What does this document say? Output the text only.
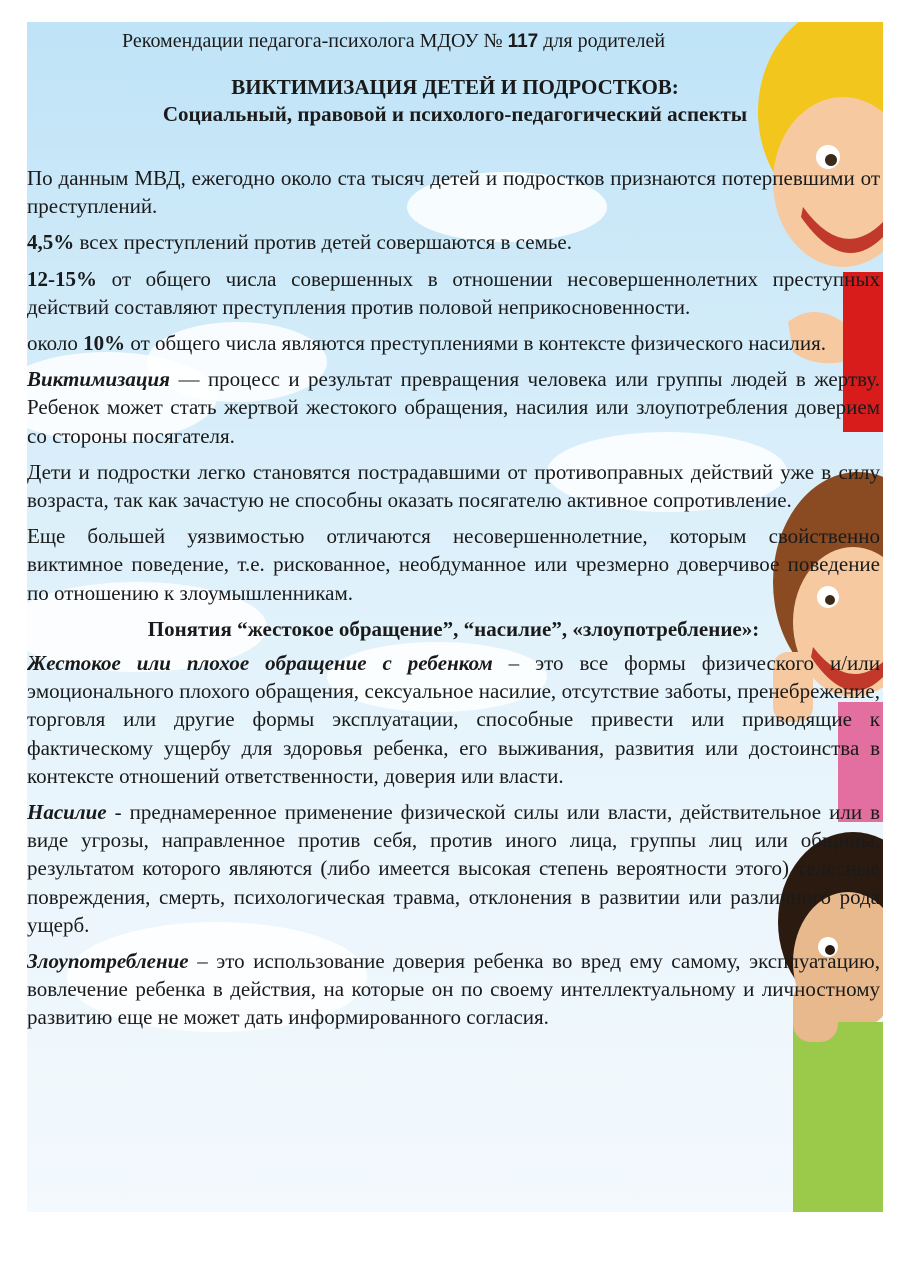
Рекомендации педагога-психолога МДОУ № 117 для родителей
ВИКТИМИЗАЦИЯ ДЕТЕЙ И ПОДРОСТКОВ:
Социальный, правовой и психолого-педагогический аспекты

По данным МВД, ежегодно около ста тысяч детей и подростков признаются потерпевшими от преступлений.

4,5% всех преступлений против детей совершаются в семье.

12-15% от общего числа совершенных в отношении несовершеннолетних преступных действий составляют преступления против половой неприкосновенности.

около 10% от общего числа являются преступлениями в контексте физического насилия.

Виктимизация — процесс и результат превращения человека или группы людей в жертву. Ребенок может стать жертвой жестокого обращения, насилия или злоупотребления доверием со стороны посягателя.

Дети и подростки легко становятся пострадавшими от противоправных действий уже в силу возраста, так как зачастую не способны оказать посягателю активное сопротивление.

Еще большей уязвимостью отличаются несовершеннолетние, которым свойственно виктимное поведение, т.е. рискованное, необдуманное или чрезмерно доверчивое поведение по отношению к злоумышленникам.

Понятия “жестокое обращение”, “насилие”, «злоупотребление»:

Жестокое или плохое обращение с ребенком – это все формы физического и/или эмоционального плохого обращения, сексуальное насилие, отсутствие заботы, пренебрежение, торговля или другие формы эксплуатации, способные привести или приводящие к фактическому ущербу для здоровья ребенка, его выживания, развития или достоинства в контексте отношений ответственности, доверия или власти.

Насилие - преднамеренное применение физической силы или власти, действительное или в виде угрозы, направленное против себя, против иного лица, группы лиц или общины, результатом которого являются (либо имеется высокая степень вероятности этого) телесные повреждения, смерть, психологическая травма, отклонения в развитии или различного рода ущерб.

Злоупотребление – это использование доверия ребенка во вред ему самому, эксплуатацию, вовлечение ребенка в действия, на которые он по своему интеллектуальному и личностному развитию еще не может дать информированного согласия.
